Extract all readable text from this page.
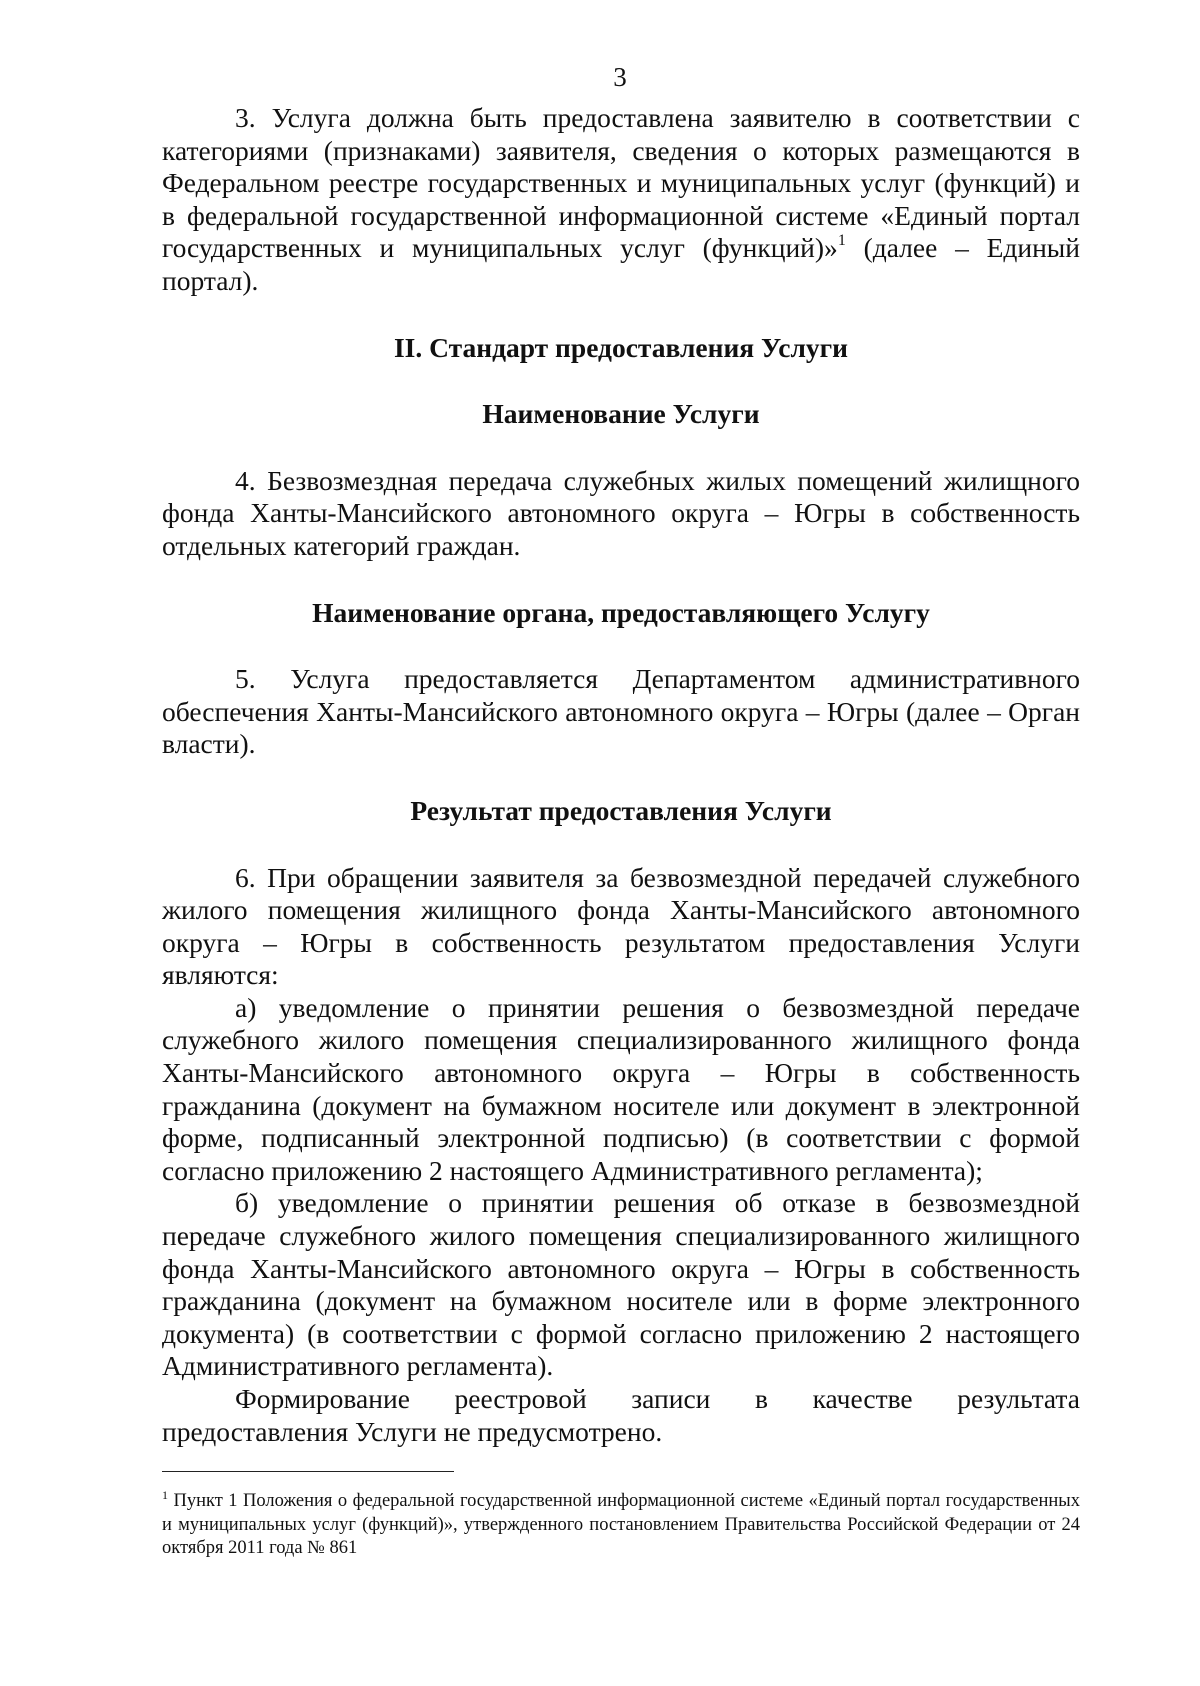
3

3. Услуга должна быть предоставлена заявителю в соответствии с категориями (признаками) заявителя, сведения о которых размещаются в Федеральном реестре государственных и муниципальных услуг (функций) и в федеральной государственной информационной системе «Единый портал государственных и муниципальных услуг (функций)»$^1$ (далее – Единый портал).

II. Стандарт предоставления Услуги
Наименование Услуги

4. Безвозмездная передача служебных жилых помещений жилищного фонда Ханты-Мансийского автономного округа – Югры в собственность отдельных категорий граждан.

Наименование органа, предоставляющего Услугу

5. Услуга предоставляется Департаментом административного обеспечения Ханты-Мансийского автономного округа – Югры (далее – Орган власти).

Результат предоставления Услуги

6. При обращении заявителя за безвозмездной передачей служебного жилого помещения жилищного фонда Ханты-Мансийского автономного округа – Югры в собственность результатом предоставления Услуги являются:

а) уведомление о принятии решения о безвозмездной передаче служебного жилого помещения специализированного жилищного фонда Ханты-Мансийского автономного округа – Югры в собственность гражданина (документ на бумажном носителе или документ в электронной форме, подписанный электронной подписью) (в соответствии с формой согласно приложению 2 настоящего Административного регламента);

б) уведомление о принятии решения об отказе в безвозмездной передаче служебного жилого помещения специализированного жилищного фонда Ханты-Мансийского автономного округа – Югры в собственность гражданина (документ на бумажном носителе или в форме электронного документа) (в соответствии с формой согласно приложению 2 настоящего Административного регламента).

Формирование реестровой записи в качестве результата предоставления Услуги не предусмотрено.

$^1$ Пункт 1 Положения о федеральной государственной информационной системе «Единый портал государственных и муниципальных услуг (функций)», утвержденного постановлением Правительства Российской Федерации от 24 октября 2011 года № 861
